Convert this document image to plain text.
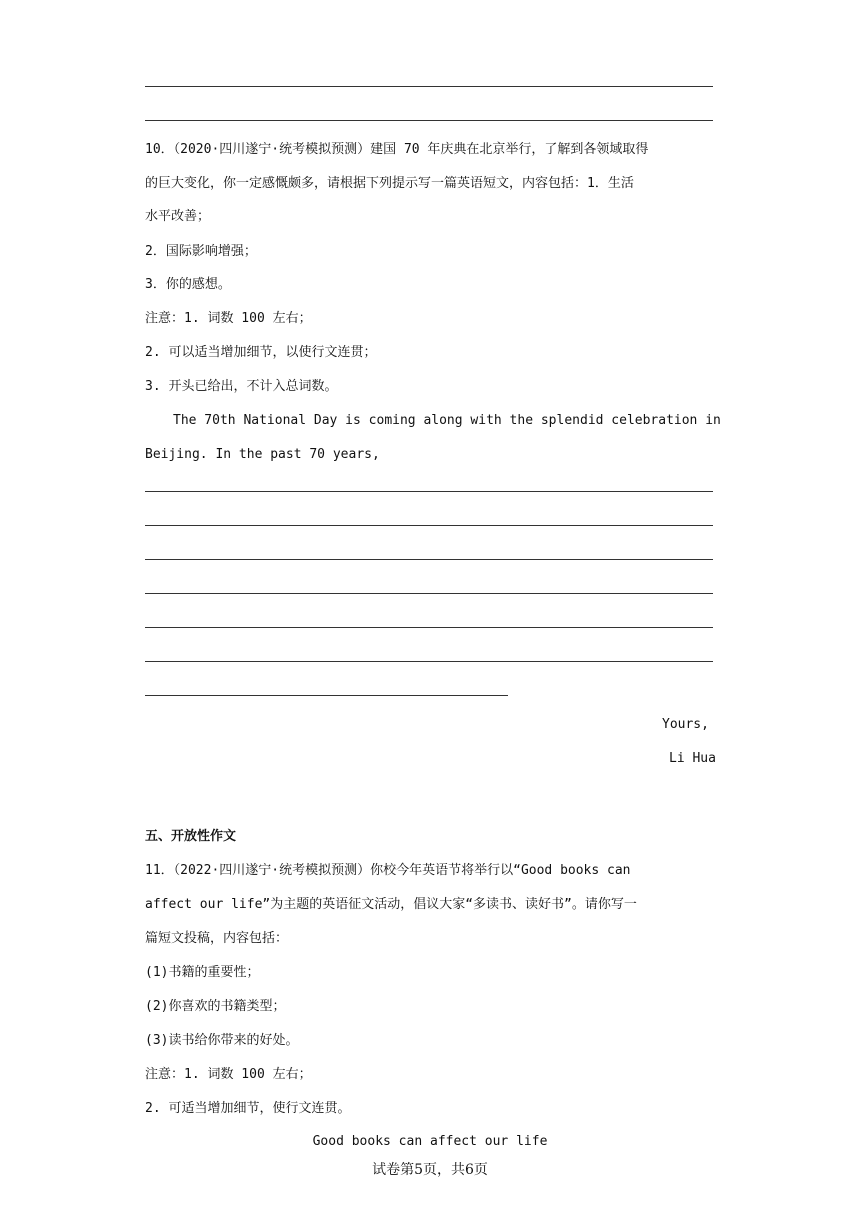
10．（2020·四川遂宁·统考模拟预测）建国 70 年庆典在北京举行，了解到各领域取得
的巨大变化，你一定感慨颇多，请根据下列提示写一篇英语短文，内容包括：1．生活
水平改善；
2．国际影响增强；
3．你的感想。
注意：1. 词数 100 左右；
2. 可以适当增加细节，以使行文连贯；
3. 开头已给出，不计入总词数。
The 70th National Day is coming along with the splendid celebration in
Beijing. In the past 70 years,
Yours,
Li Hua
五、开放性作文
11．（2022·四川遂宁·统考模拟预测）你校今年英语节将举行以“Good books can
affect our life”为主题的英语征文活动，倡议大家“多读书、读好书”。请你写一
篇短文投稿，内容包括：
(1)书籍的重要性；
(2)你喜欢的书籍类型；
(3)读书给你带来的好处。
注意：1. 词数 100 左右；
2. 可适当增加细节，使行文连贯。
Good books can affect our life
试卷第5页，共6页
